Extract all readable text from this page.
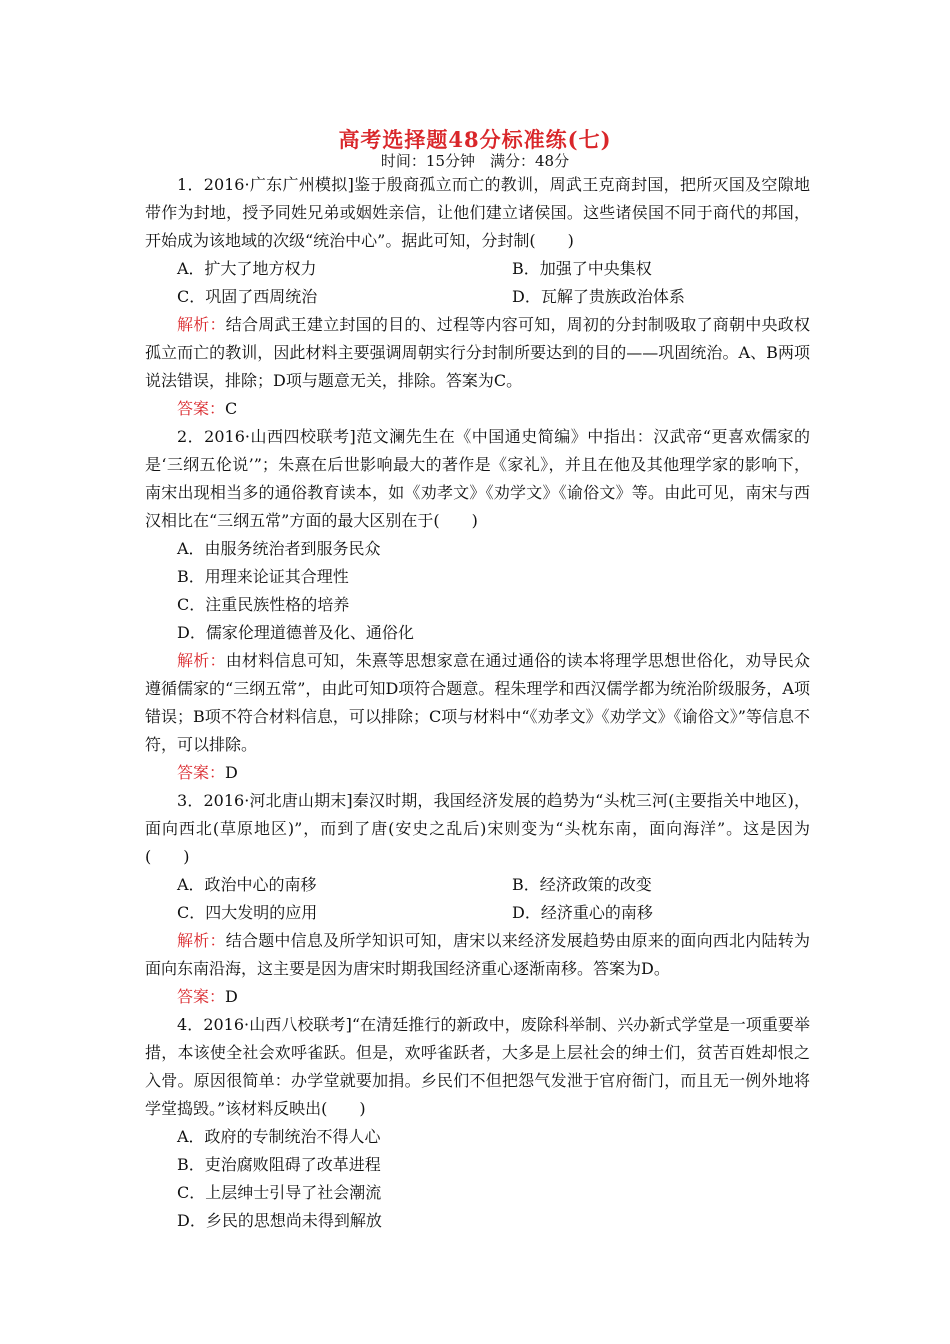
高考选择题48分标准练(七)
时间：15分钟　满分：48分

1．2016·广东广州模拟]鉴于殷商孤立而亡的教训，周武王克商封国，把所灭国及空隙地带作为封地，授予同姓兄弟或姻姓亲信，让他们建立诸侯国。这些诸侯国不同于商代的邦国，开始成为该地域的次级“统治中心”。据此可知，分封制(　　)

A．扩大了地方权力	B．加强了中央集权
C．巩固了西周统治	D．瓦解了贵族政治体系

解析：结合周武王建立封国的目的、过程等内容可知，周初的分封制吸取了商朝中央政权孤立而亡的教训，因此材料主要强调周朝实行分封制所要达到的目的——巩固统治。A、B两项说法错误，排除；D项与题意无关，排除。答案为C。

答案：C

2．2016·山西四校联考]范文澜先生在《中国通史简编》中指出：汉武帝“更喜欢儒家的是‘三纲五伦说’”；朱熹在后世影响最大的著作是《家礼》，并且在他及其他理学家的影响下，南宋出现相当多的通俗教育读本，如《劝孝文》《劝学文》《谕俗文》等。由此可见，南宋与西汉相比在“三纲五常”方面的最大区别在于(　　)

A．由服务统治者到服务民众

B．用理来论证其合理性

C．注重民族性格的培养

D．儒家伦理道德普及化、通俗化

解析：由材料信息可知，朱熹等思想家意在通过通俗的读本将理学思想世俗化，劝导民众遵循儒家的“三纲五常”，由此可知D项符合题意。程朱理学和西汉儒学都为统治阶级服务，A项错误；B项不符合材料信息，可以排除；C项与材料中“《劝孝文》《劝学文》《谕俗文》”等信息不符，可以排除。

答案：D

3．2016·河北唐山期末]秦汉时期，我国经济发展的趋势为“头枕三河(主要指关中地区)，面向西北(草原地区)”，而到了唐(安史之乱后)宋则变为“头枕东南，面向海洋”。这是因为(　　)

A．政治中心的南移	B．经济政策的改变
C．四大发明的应用	D．经济重心的南移

解析：结合题中信息及所学知识可知，唐宋以来经济发展趋势由原来的面向西北内陆转为面向东南沿海，这主要是因为唐宋时期我国经济重心逐渐南移。答案为D。

答案：D

4．2016·山西八校联考]“在清廷推行的新政中，废除科举制、兴办新式学堂是一项重要举措，本该使全社会欢呼雀跃。但是，欢呼雀跃者，大多是上层社会的绅士们，贫苦百姓却恨之入骨。原因很简单：办学堂就要加捐。乡民们不但把怨气发泄于官府衙门，而且无一例外地将学堂捣毁。”该材料反映出(　　)

A．政府的专制统治不得人心

B．吏治腐败阻碍了改革进程

C．上层绅士引导了社会潮流

D．乡民的思想尚未得到解放
